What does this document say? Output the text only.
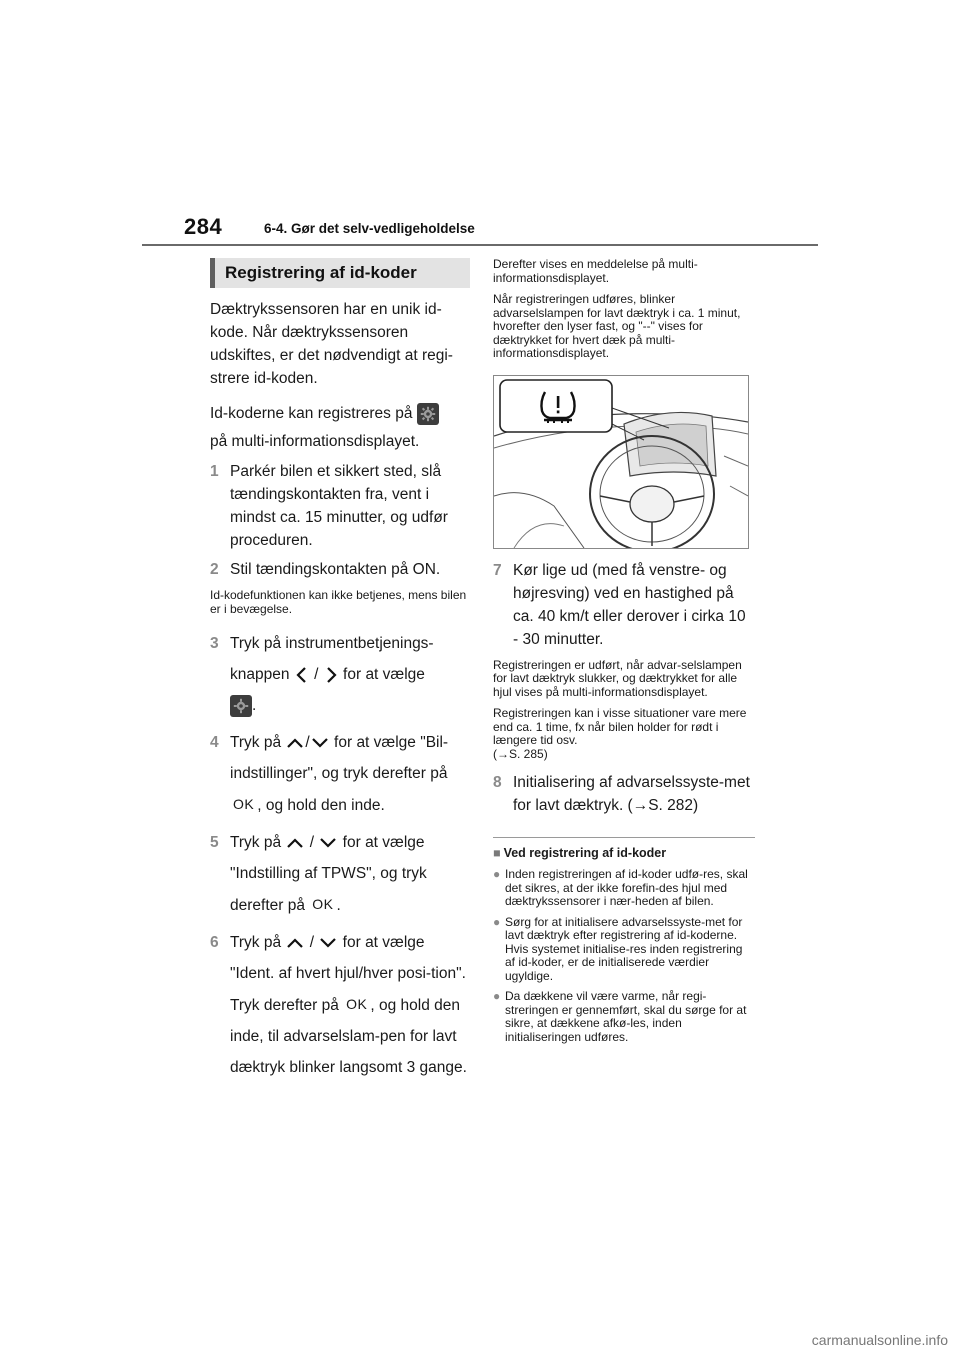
284	6-4. Gør det selv-vedligeholdelse
Registrering af id-koder

Dæktrykssensoren har en unik id-kode. Når dæktrykssensoren udskiftes, er det nødvendigt at regi-strere id-koden.

Id-koderne kan registreres på

på multi-informationsdisplayet.

1 Parkér bilen et sikkert sted, slå tændingskontakten fra, vent i mindst ca. 15 minutter, og udfør proceduren.
2 Stil tændingskontakten på ON.

Id-kodefunktionen kan ikke betjenes, mens bilen er i bevægelse.

3 Tryk på instrumentbetjenings-knappen / for at vælge

.
4 Tryk på / for at vælge "Bil-indstillinger", og tryk derefter på OK , og hold den inde.
5 Tryk på / for at vælge "Indstilling af TPWS", og tryk derefter på OK .
6 Tryk på / for at vælge "Ident. af hvert hjul/hver posi-tion". Tryk derefter på OK , og hold den inde, til advarselslam-pen for lavt dæktryk blinker langsomt 3 gange.

Derefter vises en meddelelse på multi-informationsdisplayet.

Når registreringen udføres, blinker advarselslampen for lavt dæktryk i ca. 1 minut, hvorefter den lyser fast, og "--" vises for dæktrykket for hvert dæk på multi-informationsdisplayet.

7 Kør lige ud (med få venstre- og højresving) ved en hastighed på ca. 40 km/t eller derover i cirka 10 - 30 minutter.

Registreringen er udført, når advar-selslampen for lavt dæktryk slukker, og dæktrykket for alle hjul vises på multi-informationsdisplayet.

Registreringen kan i visse situationer vare mere end ca. 1 time, fx når bilen holder for rødt i længere tid osv.
(→S. 285)

8 Initialisering af advarselssyste-met for lavt dæktryk. (→S. 282)
■ Ved registrering af id-koder
● Inden registreringen af id-koder udfø-res, skal det sikres, at der ikke forefin-des hjul med dæktrykssensorer i nær-heden af bilen.
● Sørg for at initialisere advarselssyste-met for lavt dæktryk efter registrering af id-koderne. Hvis systemet initialise-res inden registrering af id-koder, er de initialiserede værdier ugyldige.
● Da dækkene vil være varme, når regi-streringen er gennemført, skal du sørge for at sikre, at dækkene afkø-les, inden initialiseringen udføres.
carmanualsonline.info
